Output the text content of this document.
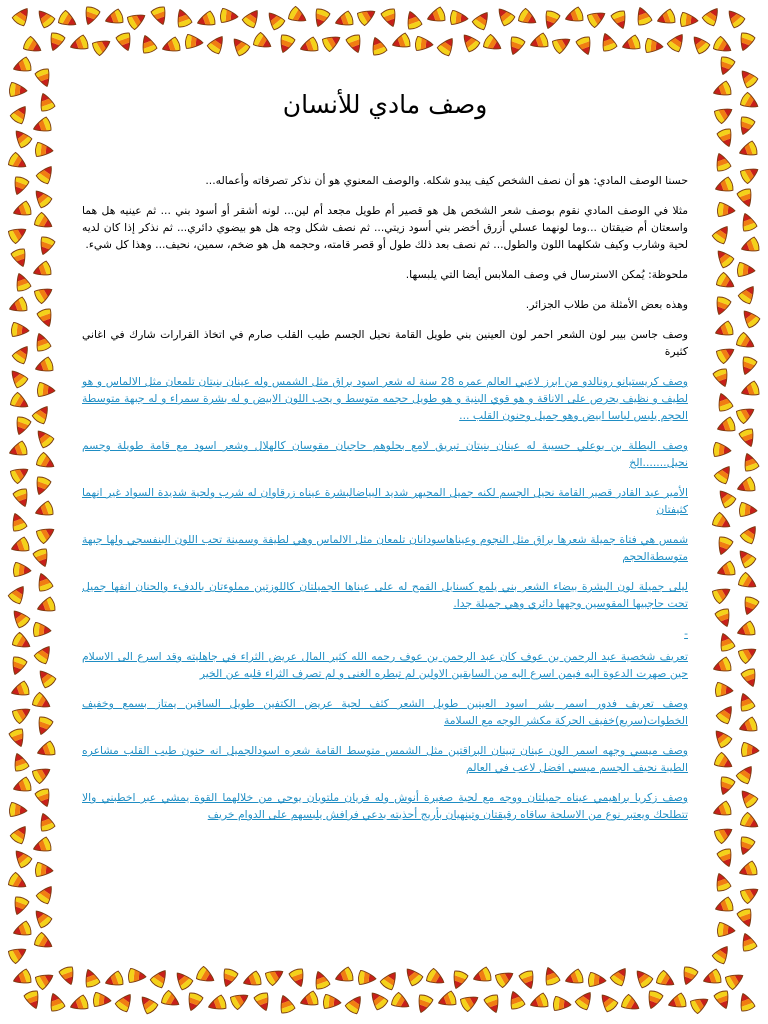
وصف مادي للأنسان

حسنا الوصف المادي: هو أن نصف الشخص كيف يبدو شكله. والوصف المعنوي هو أن نذكر تصرفاته وأعماله...

مثلا في الوصف المادي نقوم بوصف شعر الشخص هل هو قصير أم طويل مجعد أم لين... لونه أشقر أو أسود بني ... ثم عينيه هل هما واسعتان أم ضيقتان ...وما لونهما عسلي أزرق أخضر بني أسود زيتي... ثم نصف شكل وجه هل هو بيضوي دائري... ثم نذكر إذا كان لديه لحية وشارب وكيف شكلهما اللون والطول... ثم نصف بعد ذلك طول أو قصر قامته، وحجمه هل هو ضخم، سمين، نحيف... وهذا كل شيء.

ملحوظة: يُمكن الاسترسال في وصف الملابس أيضا التي يلبسها.

وهذه بعض الأمثلة من طلاب الجزائر.

وصف جاسن بيبر لون الشعر احمر لون العينين بني طويل القامة نحيل الجسم طيب القلب صارم في اتخاذ القرارات شارك في اغاني كثيرة

وصف كريستيانو رونالدو من ابرز لاعبي العالم عمره 28 سنة له شعر اسود براق مثل الشمس وله عينان بنيتان تلمعان مثل الالماس و هو لطيف و نظيف يحرص على الاناقة و هو قوي البنية و هو طويل حجمه متوسط و يحب اللون الابيض و له بشرة سمراء و له جبهة متوسطة الحجم يلبس لباسا ابيض وهو جميل وحنون القلب ...

وصف البطلة بن بوعلي حسيبة له عينان بنيتان تبريق لامع بحلوهم حاجبان مقوسان كالهلال وشعر اسود مع قامة طويلة وجسم نحيل.......الخ

الأمير عبد القادر قصير القامة نحيل الجسم لكنه جميل المحيهر شديد البياضالبشرة عيناه زرقاوان له شرب ولحية شديدة السواد غير انهما كثيفتان

شمس هي فتاة جميلة شعرها براق مثل النجوم وعيناهاسودانان تلمعان مثل الالماس وهي لطيفة وسمينة تحب اللون البنفسجي ولها جبهة متوسطةالحجم

ليلى جميلة لون البشرة بيضاء الشعر بني يلمع كسنابل القمح له على عيناها الجميلتان كاللوزتين مملوءتان بالدفء والحنان انفها جميل تحت حاجبيها المقوسين وجهها دائري وهي جميلة جدا.

-

تعريف شخصية عبد الرحمن بن عوف كان عبد الرحمن بن عوف رحمه الله كثير المال عريض الثراء في جاهليته وقد اسرع الى الاسلام حين صهرت الدعوة اليه فيمن اسرع اليه من السابقين الاولين لم تبطره الغنى و لم تصرف الثراء قلبه عن الخير

وصف تعريف فدور اسمر بشر اسود العينين طويل الشعر كثف لحية عريض الكتفين طويل الساقين يمتاز بسمع وخفيف الخطوات(سريع)خفيف الحركة مكشر الوجه مع السلامة

وصف ميسي وجهه اسمر الون عينان تبينان البراقتين مثل الشمس متوسط القامة شعره اسودالجميل انه حنون طيب القلب مشاعره الطيبة نحيف الجسم ميسي افضل لاعب في العالم

وصف زكريا براهيمي عيناه جميلتان ووجه مع لحية صغيرة أنوش وله فريان ملتويان يوحي من خلالهما القوة يمشي عبر اخطبني والا تتطلحك ويعتبر نوع من الاسلحة ساقاه رقيقتان وتينهيان بأريج أحذيته بدعي فرافش يلبسهم على الدوام خريف
